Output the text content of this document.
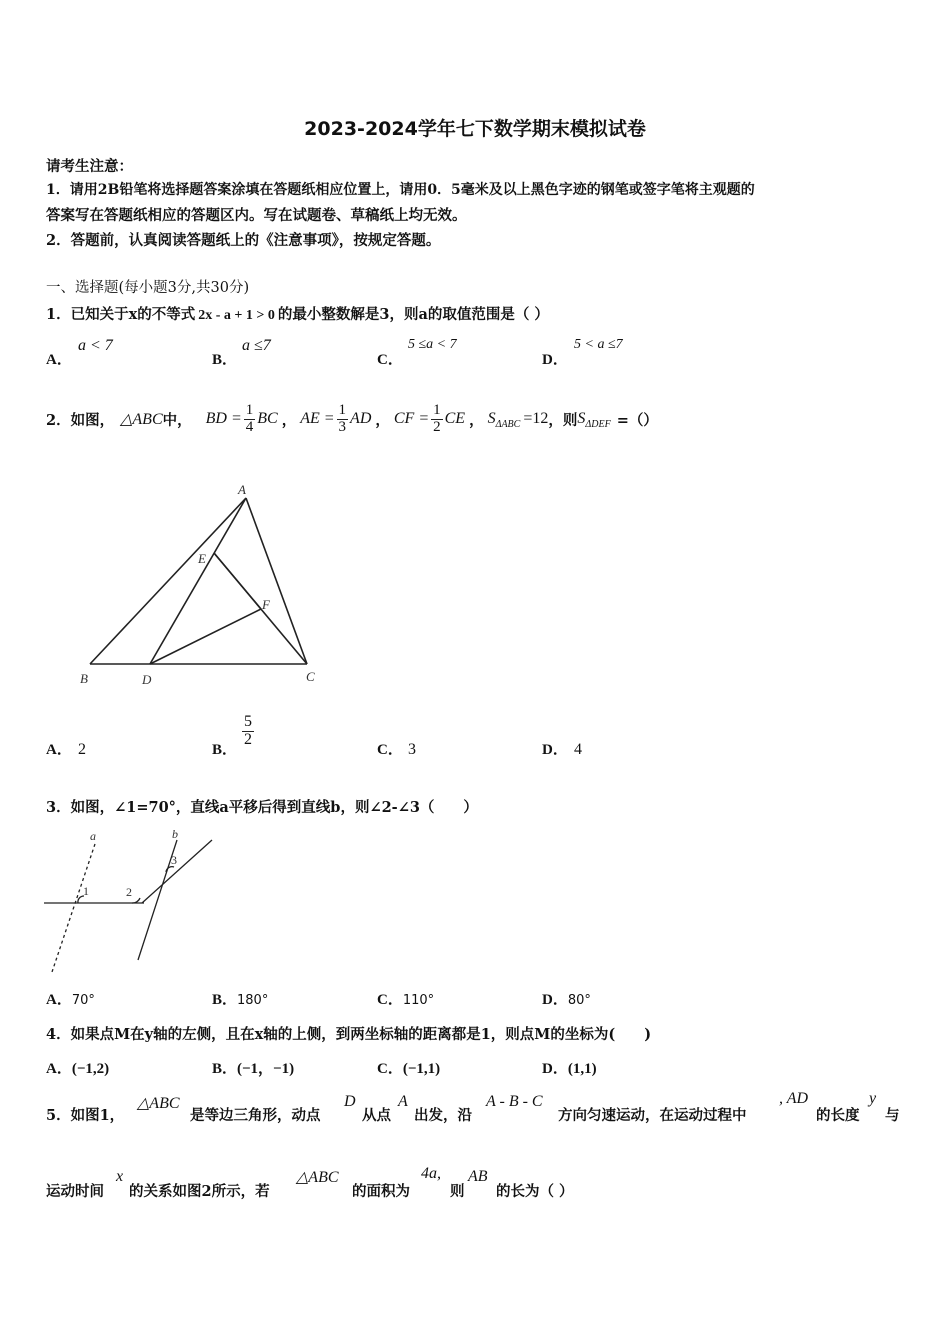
2023-2024学年七下数学期末模拟试卷
请考生注意：
1．请用2B铅笔将选择题答案涂填在答题纸相应位置上，请用0．5毫米及以上黑色字迹的钢笔或签字笔将主观题的
答案写在答题纸相应的答题区内。写在试题卷、草稿纸上均无效。
2．答题前，认真阅读答题纸上的《注意事项》，按规定答题。
一、选择题(每小题3分,共30分)
1．已知关于x的不等式 2x - a + 1 > 0 的最小整数解是3，则a的取值范围是（ ）
A．
a < 7
B．
a ≤7
C．
5 ≤a < 7
D．
5 < a ≤7
2．如图， △ABC 中， BD = $\frac{1}{4}$ BC ， AE = $\frac{1}{3}$ AD ， CF = $\frac{1}{2}$ CE ， S ΔABC =12 ，则 S ΔDEF =（）
A
B	C
D
E
F
A． 2	B．
$\frac{5}{2}$
C． 3	D． 4
3．如图，∠1=70°，直线a平移后得到直线b，则∠2-∠3（　　）
a	b
1	2
3
A．70°	B．180°	C．110°	D．80°
4．如果点M在y轴的左侧，且在x轴的上侧，到两坐标轴的距离都是1，则点M的坐标为(　　)
A．(−1,2)	B．(−1，−1)	C．(−1,1)	D．(1,1)
5．如图1，
△ABC
是等边三角形，动点
D
从点
A
出发，沿
A - B - C
方向匀速运动，在运动过程中
, AD
的长度
y
与
运动时间
x
的关系如图2所示，若
△ABC
的面积为
4a,
则
AB
的长为（ ）
